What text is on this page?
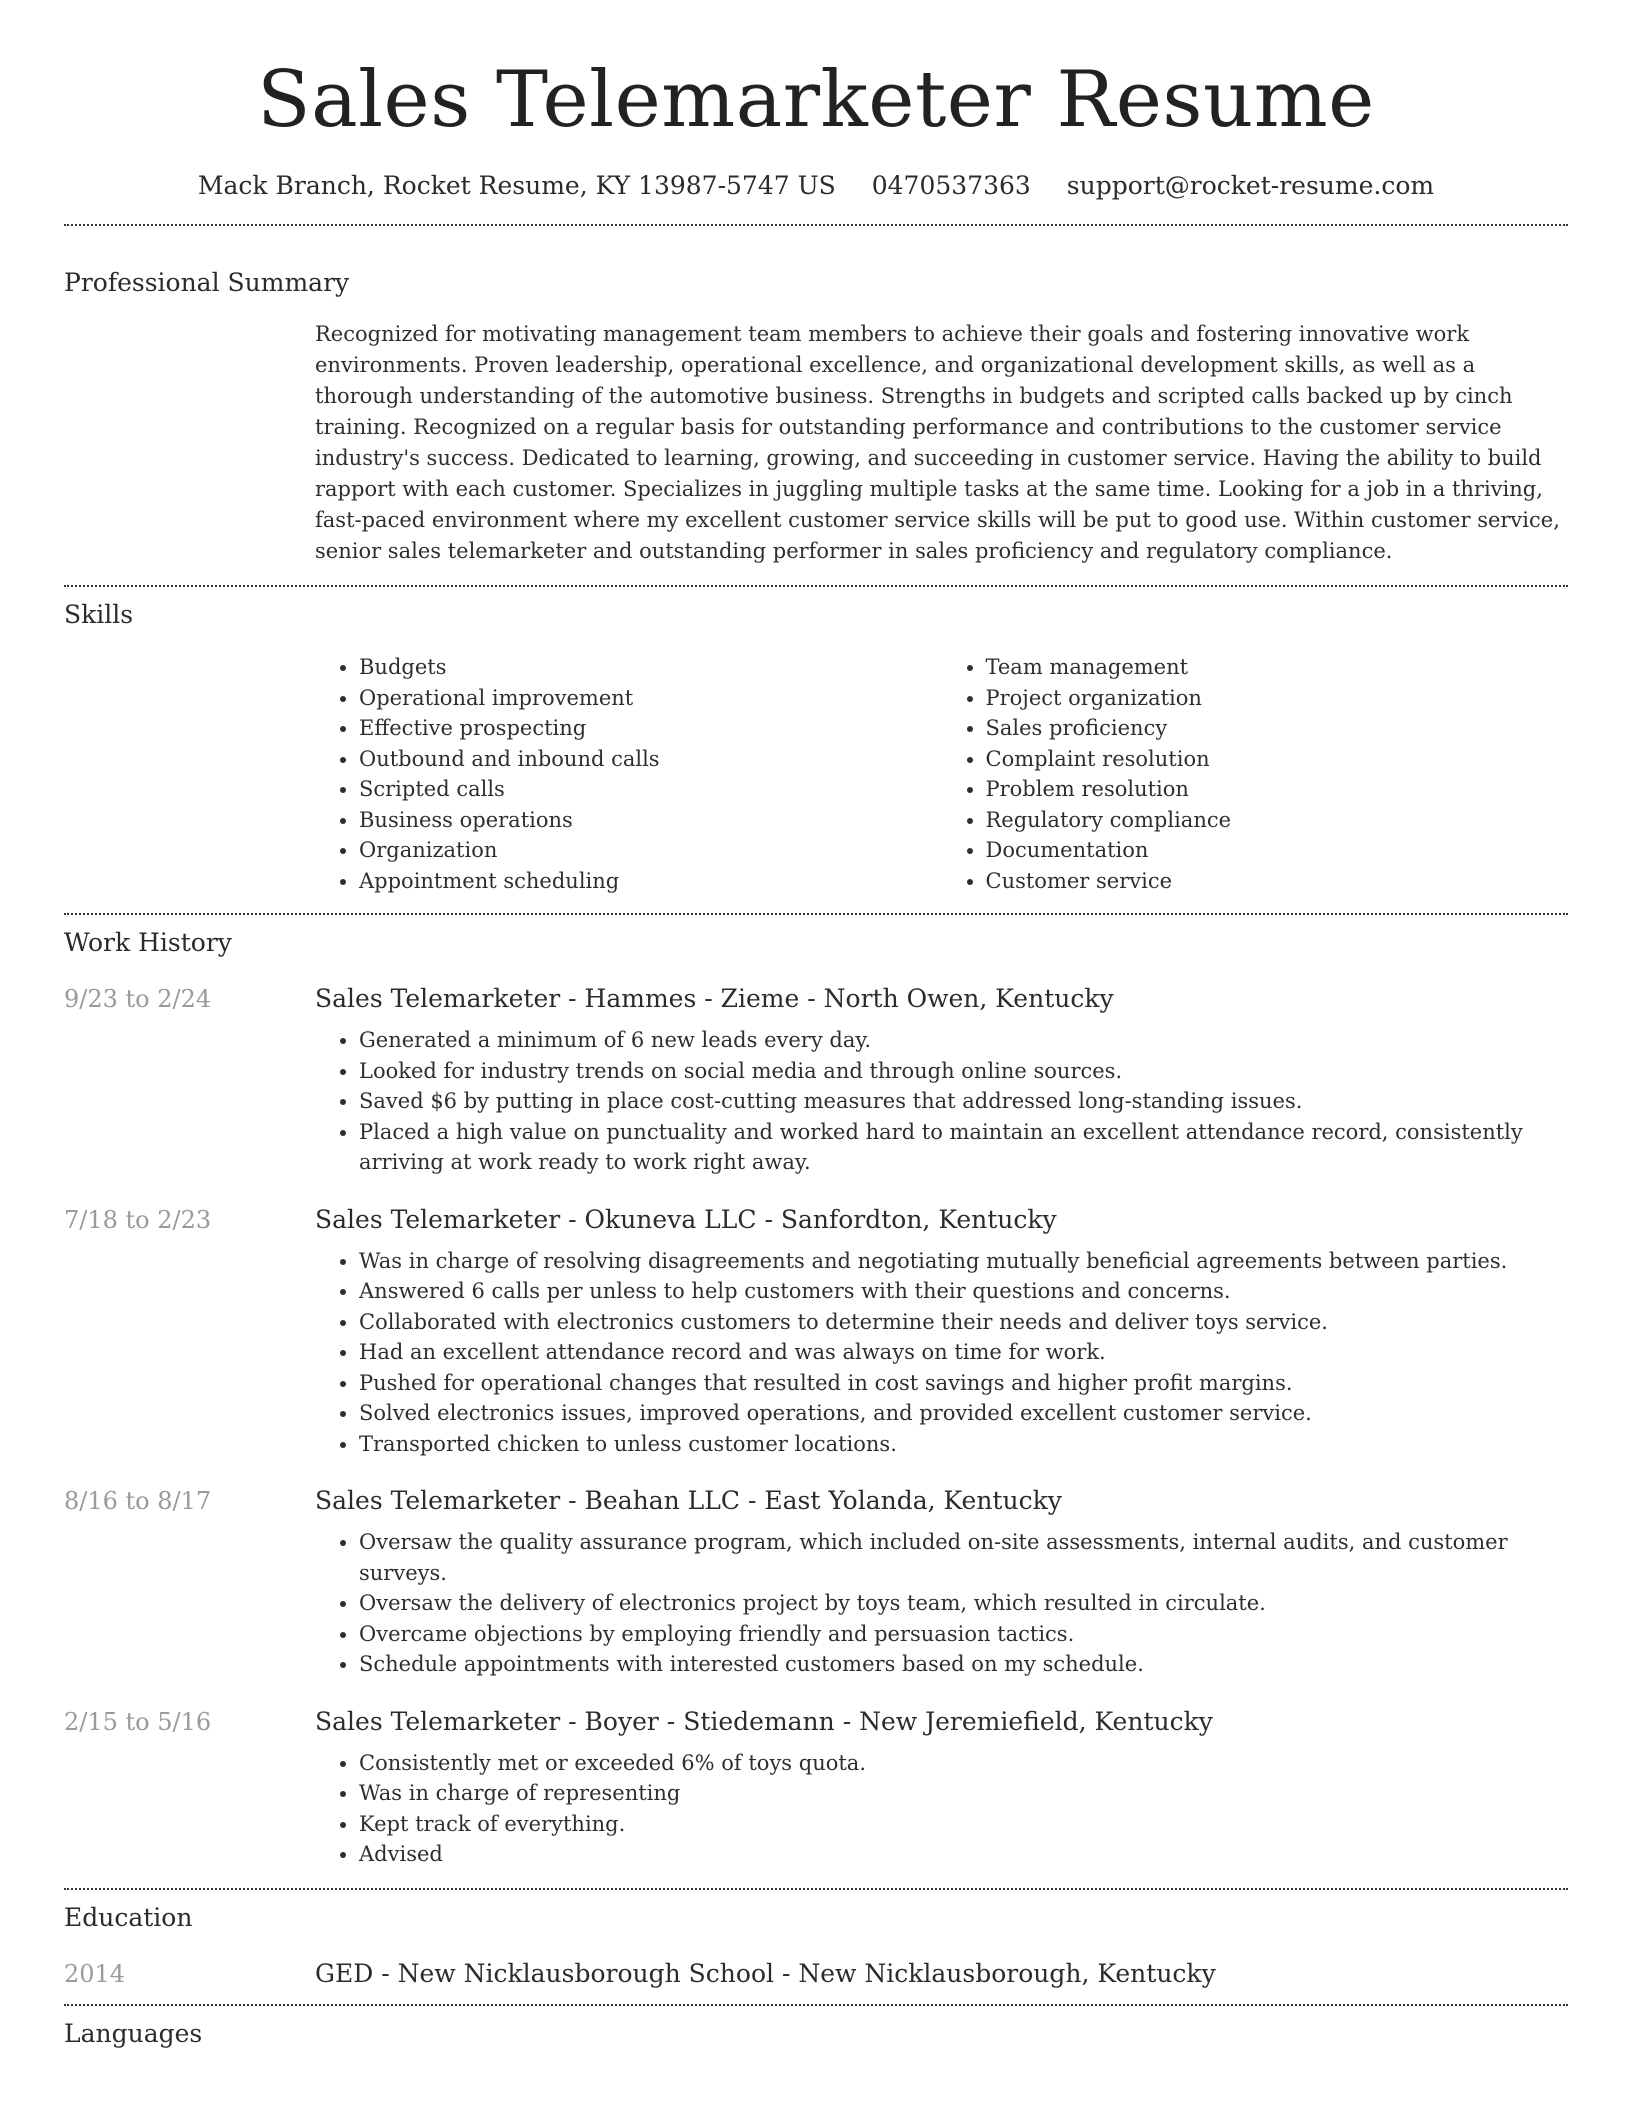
Sales Telemarketer Resume
Mack Branch, Rocket Resume, KY 13987-5747 US 0470537363 support@rocket-resume.com
Professional Summary
Recognized for motivating management team members to achieve their goals and fostering innovative work environments. Proven leadership, operational excellence, and organizational development skills, as well as a thorough understanding of the automotive business. Strengths in budgets and scripted calls backed up by cinch training. Recognized on a regular basis for outstanding performance and contributions to the customer service industry's success. Dedicated to learning, growing, and succeeding in customer service. Having the ability to build rapport with each customer. Specializes in juggling multiple tasks at the same time. Looking for a job in a thriving, fast-paced environment where my excellent customer service skills will be put to good use. Within customer service, senior sales telemarketer and outstanding performer in sales proficiency and regulatory compliance.
Skills
• Budgets
• Operational improvement
• Effective prospecting
• Outbound and inbound calls
• Scripted calls
• Business operations
• Organization
• Appointment scheduling
• Team management
• Project organization
• Sales proficiency
• Complaint resolution
• Problem resolution
• Regulatory compliance
• Documentation
• Customer service
Work History
9/23 to 2/24	Sales Telemarketer - Hammes - Zieme - North Owen, Kentucky
• Generated a minimum of 6 new leads every day.
• Looked for industry trends on social media and through online sources.
• Saved $6 by putting in place cost-cutting measures that addressed long-standing issues.
• Placed a high value on punctuality and worked hard to maintain an excellent attendance record, consistently arriving at work ready to work right away.
7/18 to 2/23	Sales Telemarketer - Okuneva LLC - Sanfordton, Kentucky
• Was in charge of resolving disagreements and negotiating mutually beneficial agreements between parties.
• Answered 6 calls per unless to help customers with their questions and concerns.
• Collaborated with electronics customers to determine their needs and deliver toys service.
• Had an excellent attendance record and was always on time for work.
• Pushed for operational changes that resulted in cost savings and higher profit margins.
• Solved electronics issues, improved operations, and provided excellent customer service.
• Transported chicken to unless customer locations.
8/16 to 8/17	Sales Telemarketer - Beahan LLC - East Yolanda, Kentucky
• Oversaw the quality assurance program, which included on-site assessments, internal audits, and customer surveys.
• Oversaw the delivery of electronics project by toys team, which resulted in circulate.
• Overcame objections by employing friendly and persuasion tactics.
• Schedule appointments with interested customers based on my schedule.
2/15 to 5/16	Sales Telemarketer - Boyer - Stiedemann - New Jeremiefield, Kentucky
• Consistently met or exceeded 6% of toys quota.
• Was in charge of representing
• Kept track of everything.
• Advised
Education
2014	GED - New Nicklausborough School - New Nicklausborough, Kentucky
Languages
